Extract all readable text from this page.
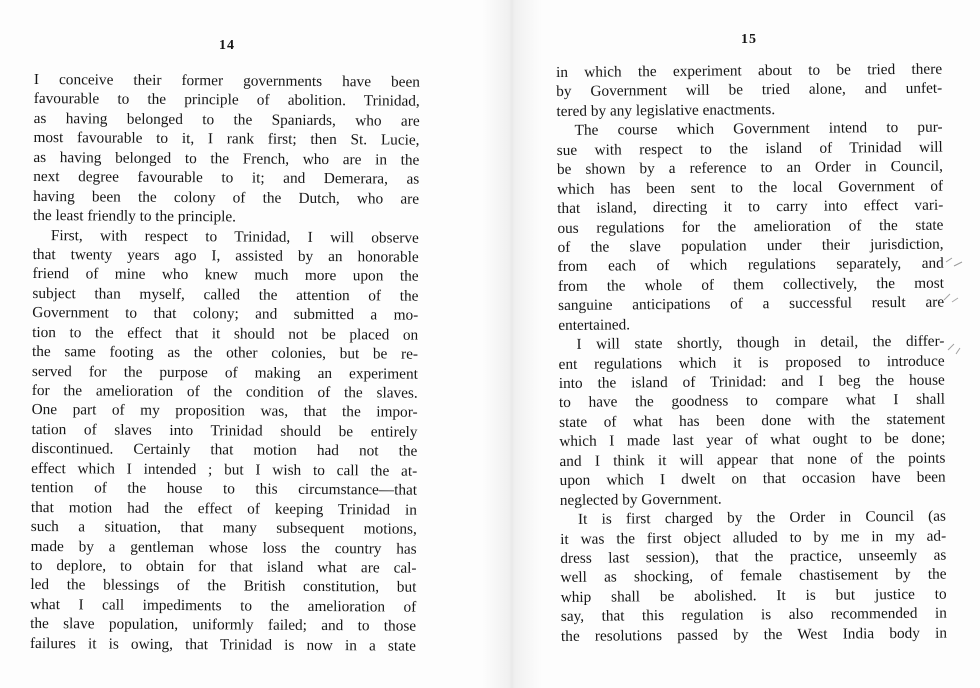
14
I conceive their former governments have been
favourable to the principle of abolition. Trinidad,
as having belonged to the Spaniards, who are
most favourable to it, I rank first; then St. Lucie,
as having belonged to the French, who are in the
next degree favourable to it; and Demerara, as
having been the colony of the Dutch, who are
the least friendly to the principle.
First, with respect to Trinidad, I will observe
that twenty years ago I, assisted by an honorable
friend of mine who knew much more upon the
subject than myself, called the attention of the
Government to that colony; and submitted a mo-
tion to the effect that it should not be placed on
the same footing as the other colonies, but be re-
served for the purpose of making an experiment
for the amelioration of the condition of the slaves.
One part of my proposition was, that the impor-
tation of slaves into Trinidad should be entirely
discontinued. Certainly that motion had not the
effect which I intended ; but I wish to call the at-
tention of the house to this circumstance—that
that motion had the effect of keeping Trinidad in
such a situation, that many subsequent motions,
made by a gentleman whose loss the country has
to deplore, to obtain for that island what are cal-
led the blessings of the British constitution, but
what I call impediments to the amelioration of
the slave population, uniformly failed; and to those
failures it is owing, that Trinidad is now in a state
15
in which the experiment about to be tried there
by Government will be tried alone, and unfet-
tered by any legislative enactments.
The course which Government intend to pur-
sue with respect to the island of Trinidad will
be shown by a reference to an Order in Council,
which has been sent to the local Government of
that island, directing it to carry into effect vari-
ous regulations for the amelioration of the state
of the slave population under their jurisdiction,
from each of which regulations separately, and
from the whole of them collectively, the most
sanguine anticipations of a successful result are
entertained.
I will state shortly, though in detail, the differ-
ent regulations which it is proposed to introduce
into the island of Trinidad: and I beg the house
to have the goodness to compare what I shall
state of what has been done with the statement
which I made last year of what ought to be done;
and I think it will appear that none of the points
upon which I dwelt on that occasion have been
neglected by Government.
It is first charged by the Order in Council (as
it was the first object alluded to by me in my ad-
dress last session), that the practice, unseemly as
well as shocking, of female chastisement by the
whip shall be abolished. It is but justice to
say, that this regulation is also recommended in
the resolutions passed by the West India body in
